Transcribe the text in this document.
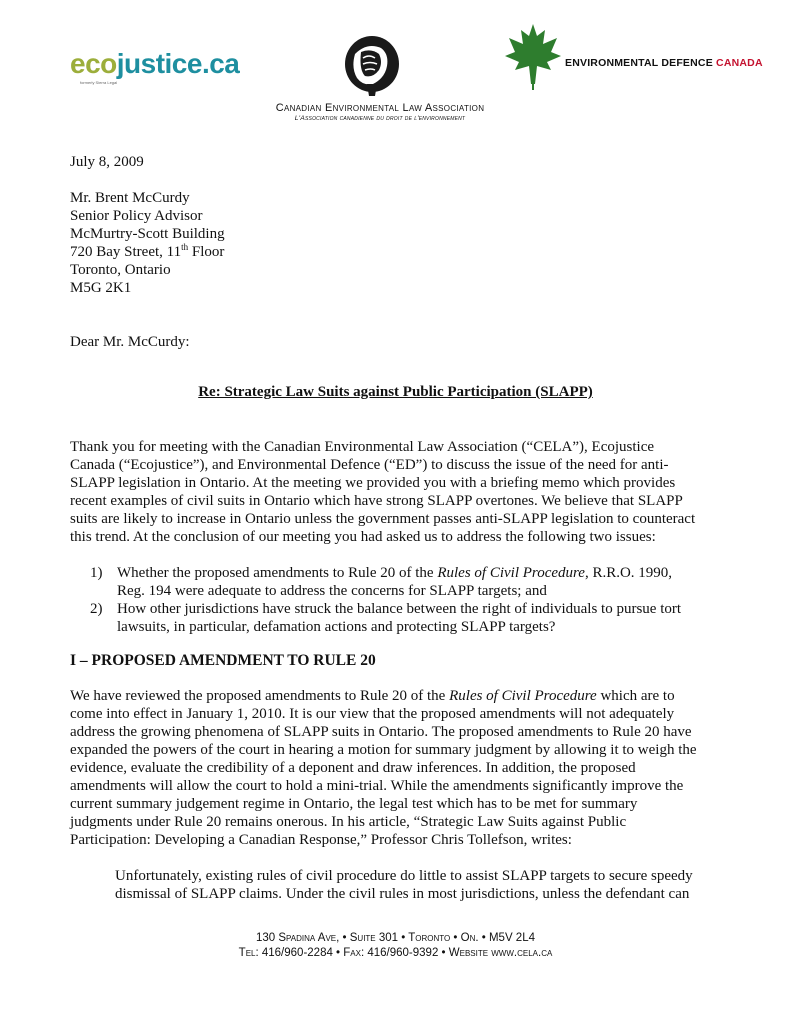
ecojustice.ca
formerly Sierra Legal
Canadian Environmental Law Association
L'Association canadienne du droit de l'environnement
ENVIRONMENTAL DEFENCE CANADA
July 8, 2009
Mr. Brent McCurdy
Senior Policy Advisor
McMurtry-Scott Building
720 Bay Street, 11th Floor
Toronto, Ontario
M5G 2K1
Dear Mr. McCurdy:
Re: Strategic Law Suits against Public Participation (SLAPP)
Thank you for meeting with the Canadian Environmental Law Association (“CELA”), Ecojustice
Canada (“Ecojustice”), and Environmental Defence (“ED”) to discuss the issue of the need for anti-
SLAPP legislation in Ontario. At the meeting we provided you with a briefing memo which provides
recent examples of civil suits in Ontario which have strong SLAPP overtones. We believe that SLAPP
suits are likely to increase in Ontario unless the government passes anti-SLAPP legislation to counteract
this trend. At the conclusion of our meeting you had asked us to address the following two issues:
1) Whether the proposed amendments to Rule 20 of the Rules of Civil Procedure, R.R.O. 1990,
Reg. 194 were adequate to address the concerns for SLAPP targets; and
2) How other jurisdictions have struck the balance between the right of individuals to pursue tort
lawsuits, in particular, defamation actions and protecting SLAPP targets?
I – PROPOSED AMENDMENT TO RULE 20
We have reviewed the proposed amendments to Rule 20 of the Rules of Civil Procedure which are to
come into effect in January 1, 2010. It is our view that the proposed amendments will not adequately
address the growing phenomena of SLAPP suits in Ontario. The proposed amendments to Rule 20 have
expanded the powers of the court in hearing a motion for summary judgment by allowing it to weigh the
evidence, evaluate the credibility of a deponent and draw inferences. In addition, the proposed
amendments will allow the court to hold a mini-trial. While the amendments significantly improve the
current summary judgement regime in Ontario, the legal test which has to be met for summary
judgments under Rule 20 remains onerous. In his article, “Strategic Law Suits against Public
Participation: Developing a Canadian Response,” Professor Chris Tollefson, writes:
Unfortunately, existing rules of civil procedure do little to assist SLAPP targets to secure speedy
dismissal of SLAPP claims. Under the civil rules in most jurisdictions, unless the defendant can
130 Spadina Ave, • Suite 301 • Toronto • On. • M5V 2L4
Tel: 416/960-2284 • Fax: 416/960-9392 • Website www.cela.ca
